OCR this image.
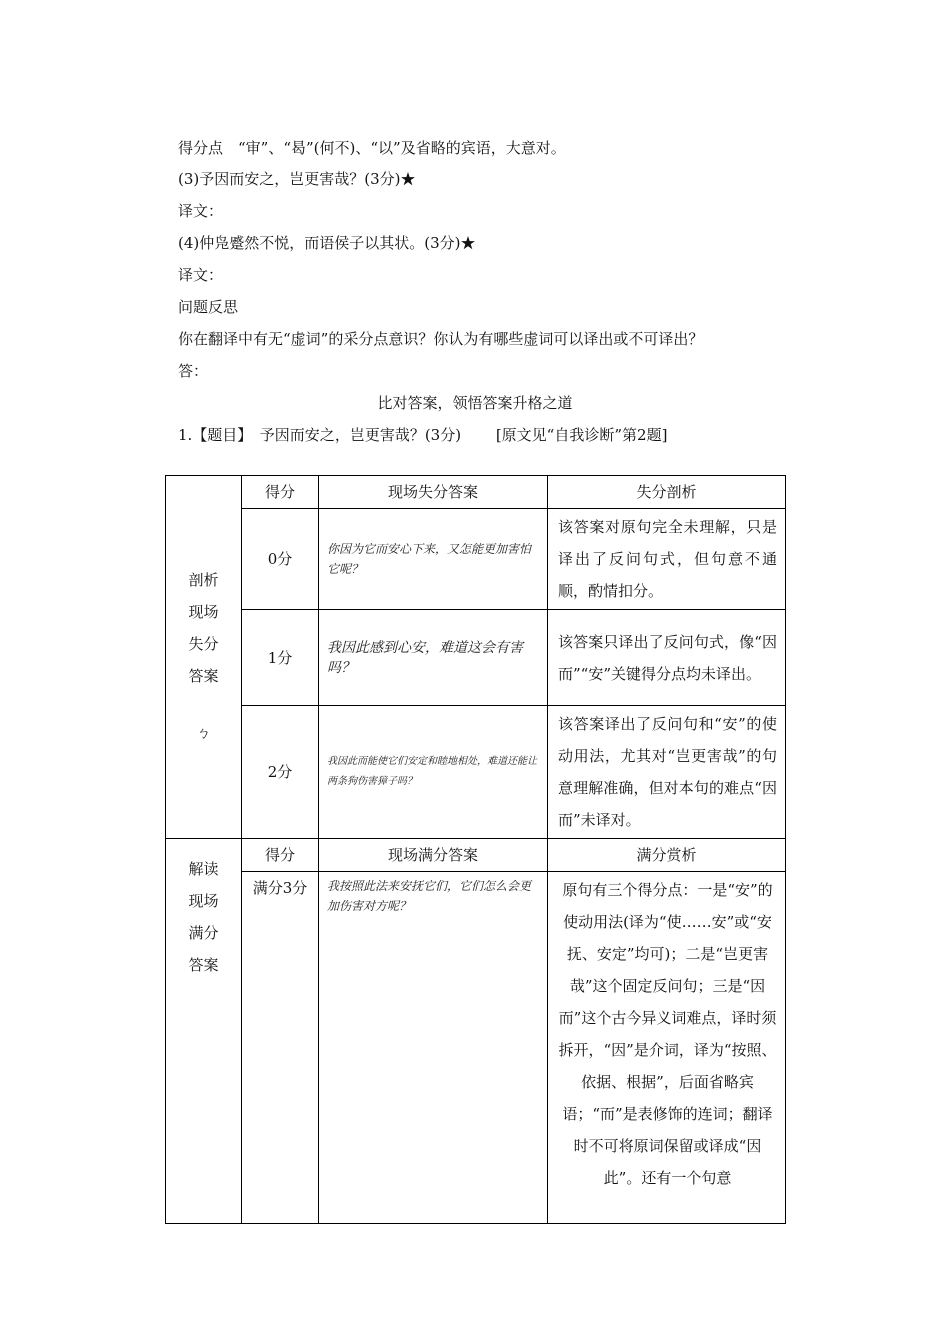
得分点　“审”、“曷”(何不)、“以”及省略的宾语，大意对。
(3)予因而安之，岂更害哉？(3分)★
译文：
(4)仲凫蹙然不悦，而语侯子以其状。(3分)★
译文：
问题反思
你在翻译中有无“虚词”的采分点意识？你认为有哪些虚词可以译出或不可译出？
答：
比对答案，领悟答案升格之道
1.【题目】　予因而安之，岂更害哉？(3分)　　 [原文见“自我诊断”第2题]
剖析现场失分答案
ㄅ	得分	现场失分答案	失分剖析
	0分	你因为它而安心下来，又怎能更加害怕它呢？	该答案对原句完全未理解，只是译出了反问句式，但句意不通顺，酌情扣分。
	1分	我因此感到心安，难道这会有害吗？	该答案只译出了反问句式，像“因而”“安”关键得分点均未译出。
	2分	我因此而能使它们安定和睦地相处，难道还能让两条狗伤害獐子吗？	该答案译出了反问句和“安”的使动用法，尤其对“岂更害哉”的句意理解准确，但对本句的难点“因而”未译对。
解读现场满分答案	得分	现场满分答案	满分赏析
	满分3分	我按照此法来安抚它们，它们怎么会更加伤害对方呢？	原句有三个得分点：一是“安”的使动用法(译为“使……安”或“安抚、安定”均可)；二是“岂更害哉”这个固定反问句；三是“因而”这个古今异义词难点，译时须拆开，“因”是介词，译为“按照、依据、根据”，后面省略宾语；“而”是表修饰的连词；翻译时不可将原词保留或译成“因此”。还有一个句意
